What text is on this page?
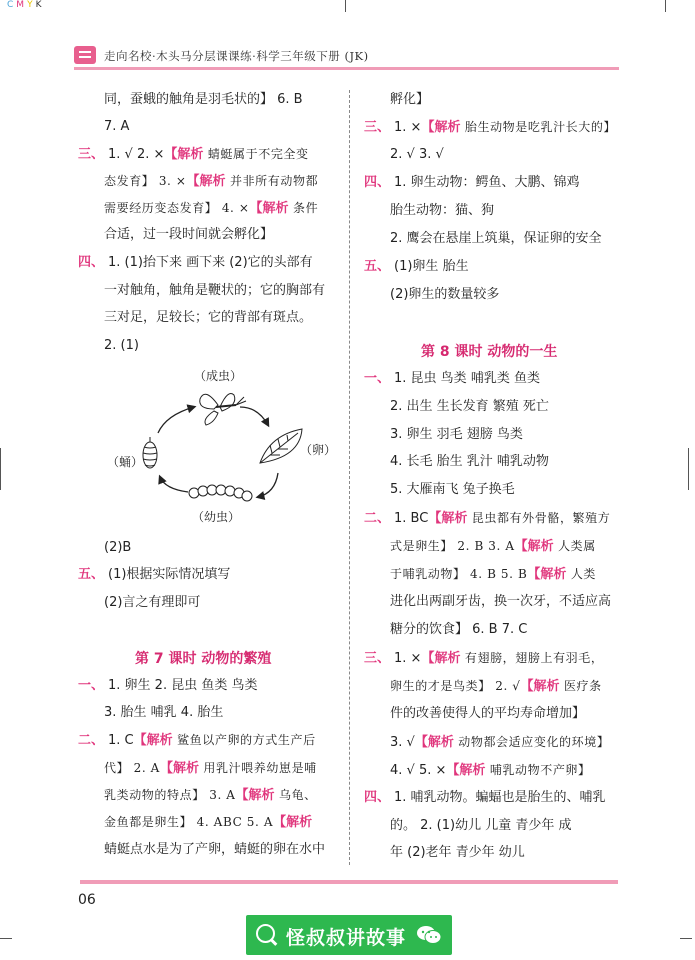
C M Y K
走向名校·木头马分层课课练·科学三年级下册 (JK)
同，蚕蛾的触角是羽毛状的】 6. B
7. A
三、 1. √ 2. ×【解析 蜻蜓属于不完全变
态发育】 3. ×【解析 并非所有动物都
需要经历变态发育】 4. ×【解析 条件
合适，过一段时间就会孵化】
四、 1. (1)抬下来 画下来 (2)它的头部有
一对触角，触角是鞭状的；它的胸部有
三对足，足较长；它的背部有斑点。
2. (1)
（成虫）
（卵）
（蛹）
（幼虫）
(2)B
五、 (1)根据实际情况填写
(2)言之有理即可
第 7 课时 动物的繁殖
一、 1. 卵生 2. 昆虫 鱼类 鸟类
3. 胎生 哺乳 4. 胎生
二、 1. C【解析 鲨鱼以产卵的方式生产后
代】 2. A【解析 用乳汁喂养幼崽是哺
乳类动物的特点】 3. A【解析 乌龟、
金鱼都是卵生】 4. ABC 5. A【解析
蜻蜓点水是为了产卵，蜻蜓的卵在水中
孵化】
三、 1. ×【解析 胎生动物是吃乳汁长大的】
2. √ 3. √
四、 1. 卵生动物：鳄鱼、大鹏、锦鸡
胎生动物：猫、狗
2. 鹰会在悬崖上筑巢，保证卵的安全
五、 (1)卵生 胎生
(2)卵生的数量较多
第 8 课时 动物的一生
一、 1. 昆虫 鸟类 哺乳类 鱼类
2. 出生 生长发育 繁殖 死亡
3. 卵生 羽毛 翅膀 鸟类
4. 长毛 胎生 乳汁 哺乳动物
5. 大雁南飞 兔子换毛
二、 1. BC【解析 昆虫都有外骨骼，繁殖方
式是卵生】 2. B 3. A【解析 人类属
于哺乳动物】 4. B 5. B【解析 人类
进化出两副牙齿，换一次牙，不适应高
糖分的饮食】 6. B 7. C
三、 1. ×【解析 有翅膀，翅膀上有羽毛，
卵生的才是鸟类】 2. √【解析 医疗条
件的改善使得人的平均寿命增加】
3. √【解析 动物都会适应变化的环境】
4. √ 5. ×【解析 哺乳动物不产卵】
四、 1. 哺乳动物。蝙蝠也是胎生的、哺乳
的。 2. (1)幼儿 儿童 青少年 成
年 (2)老年 青少年 幼儿
06
怪叔叔讲故事
